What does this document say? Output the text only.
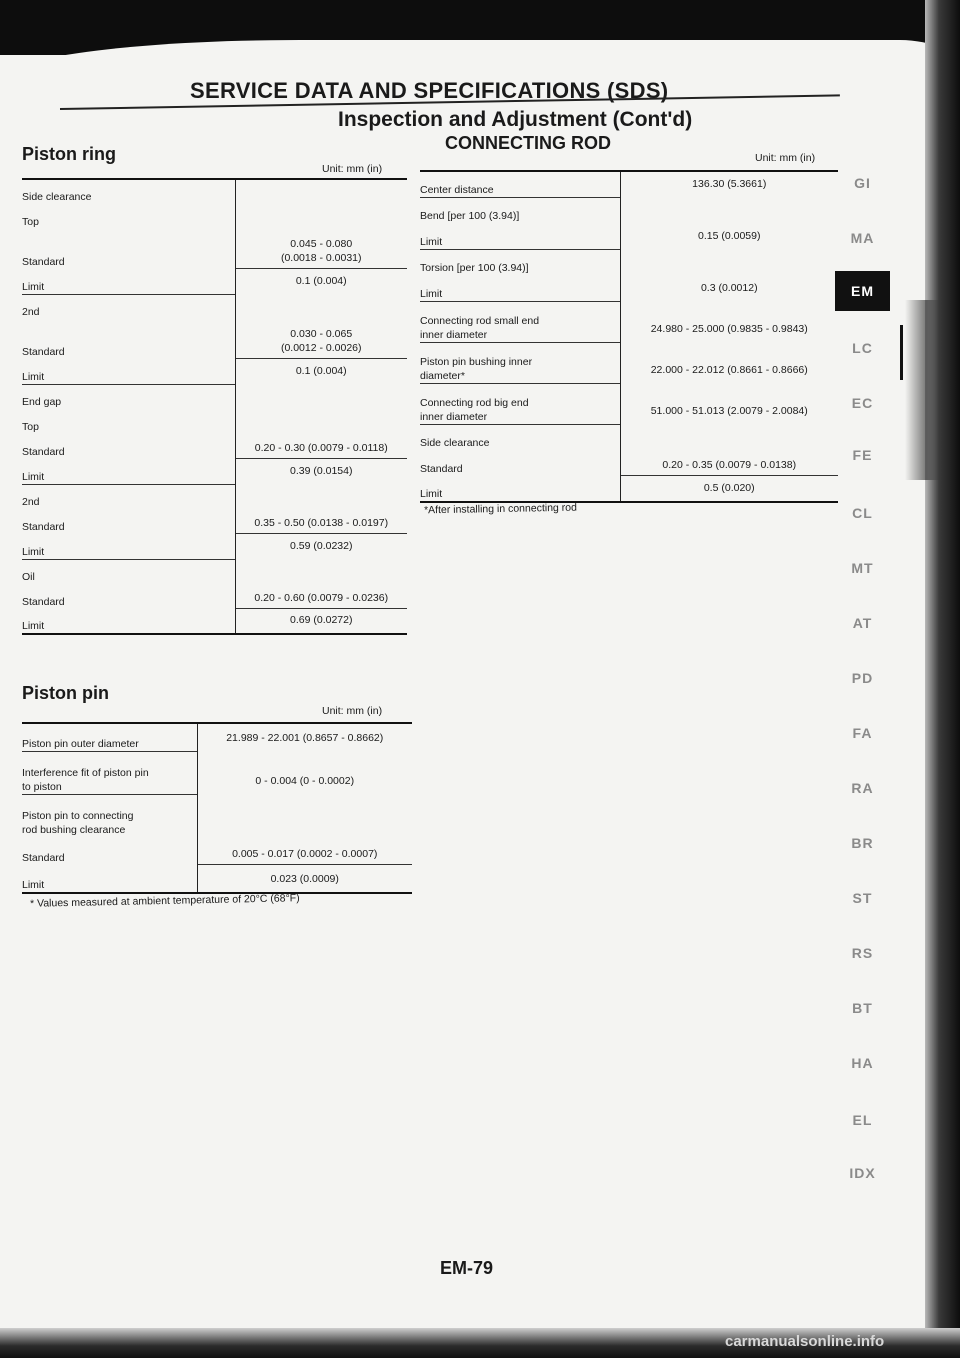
SERVICE DATA AND SPECIFICATIONS (SDS)
Inspection and Adjustment (Cont'd)
Piston ring
Unit: mm (in)
Side clearance	
Top	
Standard	0.045 - 0.080
(0.0018 - 0.0031)

Limit	0.1 (0.004)
2nd	
Standard	0.030 - 0.065
(0.0012 - 0.0026)

Limit	0.1 (0.004)
End gap	
Top	
Standard	0.20 - 0.30 (0.0079 - 0.0118)

Limit	0.39 (0.0154)
2nd	
Standard	0.35 - 0.50 (0.0138 - 0.0197)

Limit	0.59 (0.0232)
Oil	
Standard	0.20 - 0.60 (0.0079 - 0.0236)

Limit	0.69 (0.0272)
Piston pin
Unit: mm (in)
Piston pin outer diameter	21.989 - 22.001 (0.8657 - 0.8662)
Interference fit of piston pin
to piston	0 - 0.004 (0 - 0.0002)
Piston pin to connecting
rod bushing clearance	
Standard	0.005 - 0.017 (0.0002 - 0.0007)

Limit	0.023 (0.0009)
* Values measured at ambient temperature of 20°C (68°F)
CONNECTING ROD
Unit: mm (in)
Center distance	136.30 (5.3661)
Bend [per 100 (3.94)]	
Limit	0.15 (0.0059)
Torsion [per 100 (3.94)]	
Limit	0.3 (0.0012)
Connecting rod small end
inner diameter	24.980 - 25.000 (0.9835 - 0.9843)
Piston pin bushing inner
diameter*	22.000 - 22.012 (0.8661 - 0.8666)
Connecting rod big end
inner diameter	51.000 - 51.013 (2.0079 - 2.0084)
Side clearance	
Standard	0.20 - 0.35 (0.0079 - 0.0138)

Limit	0.5 (0.020)
*After installing in connecting rod
GI
MA
EM
LC
EC
FE
CL
MT
AT
PD
FA
RA
BR
ST
RS
BT
HA
EL
IDX
EM-79
carmanualsonline.info
